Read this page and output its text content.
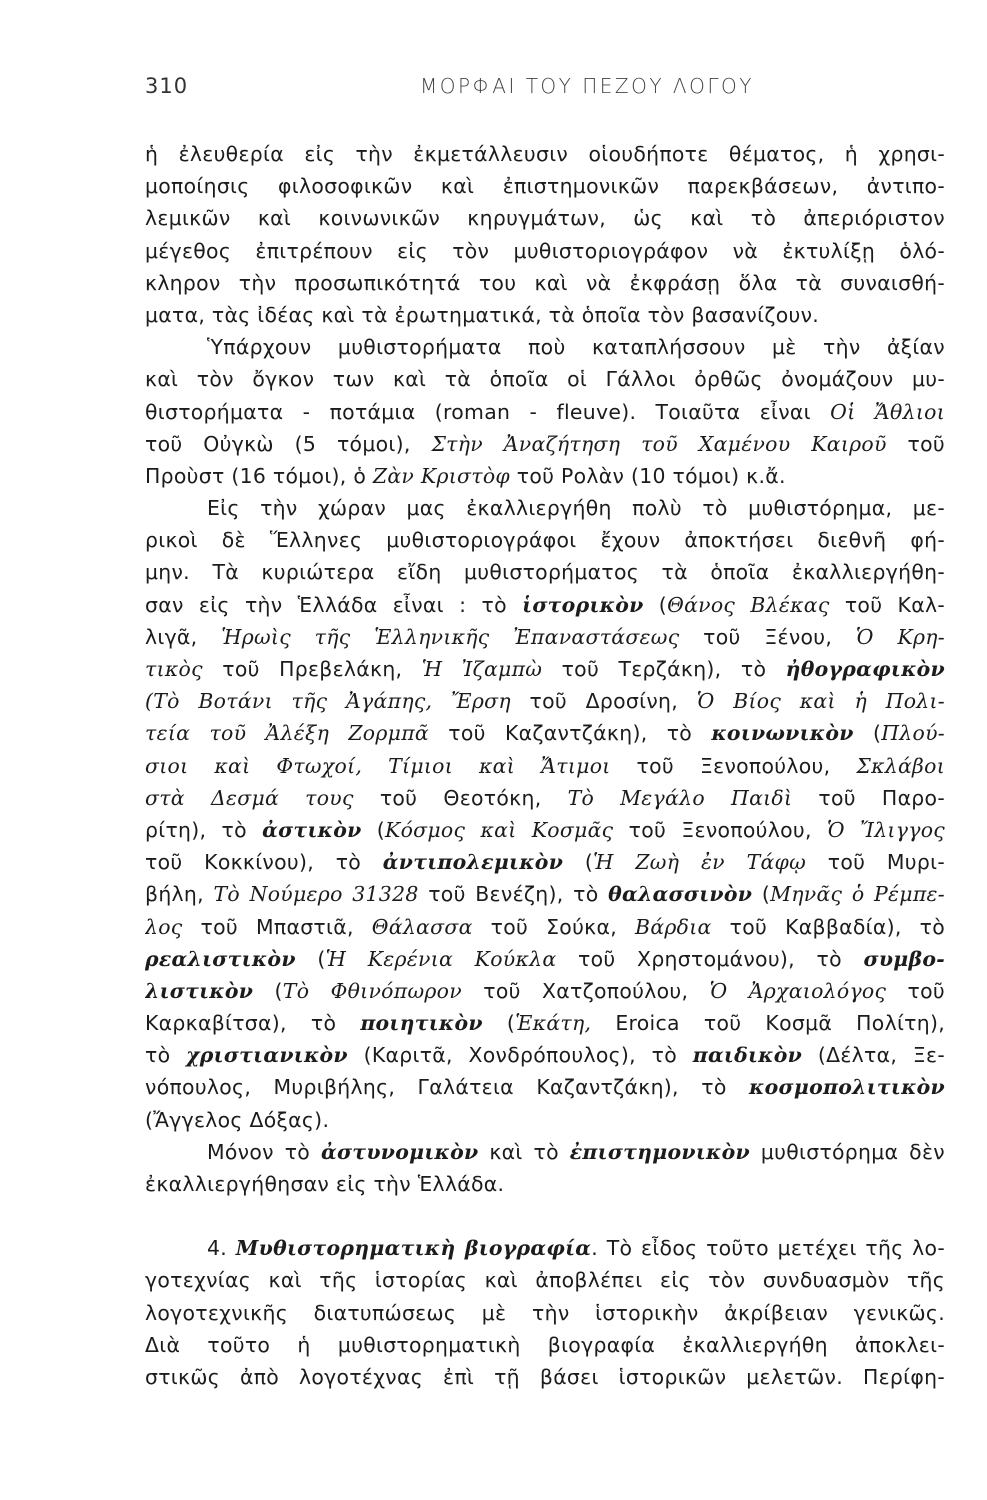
310	ΜΟΡΦΑΙ ΤΟΥ ΠΕΖΟΥ ΛΟΓΟΥ
ἡ ἐλευθερία εἰς τὴν ἐκμετάλλευσιν οἱουδήποτε θέματος, ἡ χρησι-
μοποίησις φιλοσοφικῶν καὶ ἐπιστημονικῶν παρεκβάσεων, ἀντιπο-
λεμικῶν καὶ κοινωνικῶν κηρυγμάτων, ὡς καὶ τὸ ἀπεριόριστον
μέγεθος ἐπιτρέπουν εἰς τὸν μυθιστοριογράφον νὰ ἐκτυλίξῃ ὁλό-
κληρον τὴν προσωπικότητά του καὶ νὰ ἐκφράσῃ ὅλα τὰ συναισθή-
ματα, τὰς ἰδέας καὶ τὰ ἐρωτηματικά, τὰ ὁποῖα τὸν βασανίζουν.
Ὑπάρχουν μυθιστορήματα ποὺ καταπλήσσουν μὲ τὴν ἀξίαν
καὶ τὸν ὄγκον των καὶ τὰ ὁποῖα οἱ Γάλλοι ὀρθῶς ὀνομάζουν μυ-
θιστορήματα - ποτάμια (roman - fleuve). Τοιαῦτα εἶναι Οἱ Ἄθλιοι
τοῦ Οὐγκὼ (5 τόμοι), Στὴν Ἀναζήτηση τοῦ Χαμένου Καιροῦ τοῦ
Προὺστ (16 τόμοι), ὁ Ζὰν Κριστὸφ τοῦ Ρολὰν (10 τόμοι) κ.ἄ.
Εἰς τὴν χώραν μας ἐκαλλιεργήθη πολὺ τὸ μυθιστόρημα, με-
ρικοὶ δὲ Ἕλληνες μυθιστοριογράφοι ἔχουν ἀποκτήσει διεθνῆ φή-
μην. Τὰ κυριώτερα εἴδη μυθιστορήματος τὰ ὁποῖα ἐκαλλιεργήθη-
σαν εἰς τὴν Ἑλλάδα εἶναι : τὸ ἱστορικὸν (Θάνος Βλέκας τοῦ Καλ-
λιγᾶ, Ἡρωὶς τῆς Ἑλληνικῆς Ἐπαναστάσεως τοῦ Ξένου, Ὁ Κρη-
τικὸς τοῦ Πρεβελάκη, Ἡ Ἰζαμπὼ τοῦ Τερζάκη), τὸ ἠθογραφικὸν
(Τὸ Βοτάνι τῆς Ἀγάπης, Ἔρση τοῦ Δροσίνη, Ὁ Βίος καὶ ἡ Πολι-
τεία τοῦ Ἀλέξη Ζορμπᾶ τοῦ Καζαντζάκη), τὸ κοινωνικὸν (Πλού-
σιοι καὶ Φτωχοί, Τίμιοι καὶ Ἄτιμοι τοῦ Ξενοπούλου, Σκλάβοι
στὰ Δεσμά τους τοῦ Θεοτόκη, Τὸ Μεγάλο Παιδὶ τοῦ Παρο-
ρίτη), τὸ ἀστικὸν (Κόσμος καὶ Κοσμᾶς τοῦ Ξενοπούλου, Ὁ Ἴλιγγος
τοῦ Κοκκίνου), τὸ ἀντιπολεμικὸν (Ἡ Ζωὴ ἐν Τάφῳ τοῦ Μυρι-
βήλη, Τὸ Νούμερο 31328 τοῦ Βενέζη), τὸ θαλασσινὸν (Μηνᾶς ὁ Ρέμπε-
λος τοῦ Μπαστιᾶ, Θάλασσα τοῦ Σούκα, Βάρδια τοῦ Καββαδία), τὸ
ρεαλιστικὸν (Ἡ Κερένια Κούκλα τοῦ Χρηστομάνου), τὸ συμβο-
λιστικὸν (Τὸ Φθινόπωρον τοῦ Χατζοπούλου, Ὁ Ἀρχαιολόγος τοῦ
Καρκαβίτσα), τὸ ποιητικὸν (Ἑκάτη, Eroica τοῦ Κοσμᾶ Πολίτη),
τὸ χριστιανικὸν (Καριτᾶ, Χονδρόπουλος), τὸ παιδικὸν (Δέλτα, Ξε-
νόπουλος, Μυριβήλης, Γαλάτεια Καζαντζάκη), τὸ κοσμοπολιτικὸν
(Ἄγγελος Δόξας).
Μόνον τὸ ἀστυνομικὸν καὶ τὸ ἐπιστημονικὸν μυθιστόρημα δὲν
ἐκαλλιεργήθησαν εἰς τὴν Ἑλλάδα.
4. Μυθιστορηματικὴ βιογραφία. Τὸ εἶδος τοῦτο μετέχει τῆς λο-
γοτεχνίας καὶ τῆς ἱστορίας καὶ ἀποβλέπει εἰς τὸν συνδυασμὸν τῆς
λογοτεχνικῆς διατυπώσεως μὲ τὴν ἱστορικὴν ἀκρίβειαν γενικῶς.
Διὰ τοῦτο ἡ μυθιστορηματικὴ βιογραφία ἐκαλλιεργήθη ἀποκλει-
στικῶς ἀπὸ λογοτέχνας ἐπὶ τῇ βάσει ἱστορικῶν μελετῶν. Περίφη-
